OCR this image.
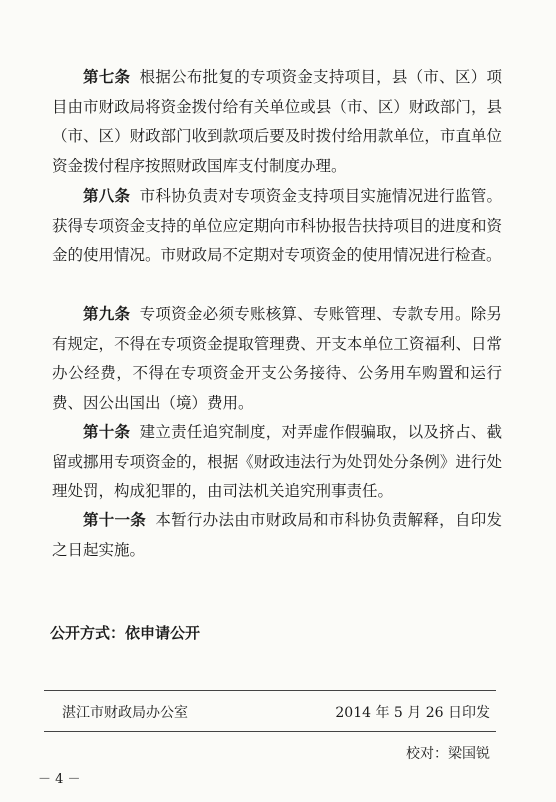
第七条 根据公布批复的专项资金支持项目，县（市、区）项目由市财政局将资金拨付给有关单位或县（市、区）财政部门，县（市、区）财政部门收到款项后要及时拨付给用款单位，市直单位资金拨付程序按照财政国库支付制度办理。

第八条 市科协负责对专项资金支持项目实施情况进行监管。获得专项资金支持的单位应定期向市科协报告扶持项目的进度和资金的使用情况。市财政局不定期对专项资金的使用情况进行检查。

第九条 专项资金必须专账核算、专账管理、专款专用。除另有规定，不得在专项资金提取管理费、开支本单位工资福利、日常办公经费，不得在专项资金开支公务接待、公务用车购置和运行费、因公出国出（境）费用。

第十条 建立责任追究制度，对弄虚作假骗取，以及挤占、截留或挪用专项资金的，根据《财政违法行为处罚处分条例》进行处理处罚，构成犯罪的，由司法机关追究刑事责任。

第十一条 本暂行办法由市财政局和市科协负责解释，自印发之日起实施。

公开方式：依申请公开

湛江市财政局办公室	2014 年 5 月 26 日印发
校对：梁国锐
－ 4 －
